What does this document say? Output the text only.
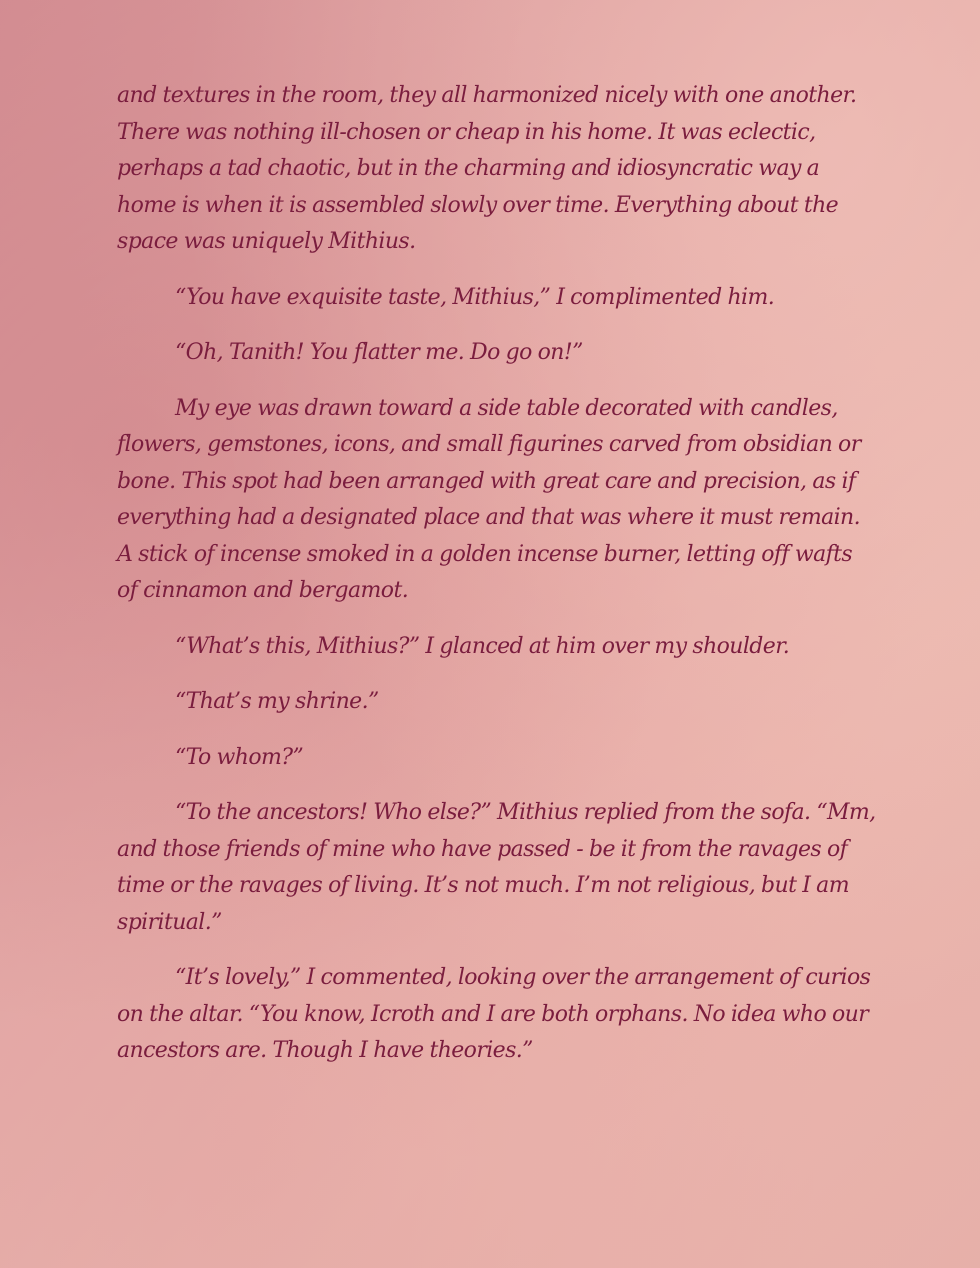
and textures in the room, they all harmonized nicely with one another. There was nothing ill-chosen or cheap in his home. It was eclectic, perhaps a tad chaotic, but in the charming and idiosyncratic way a home is when it is assembled slowly over time. Everything about the space was uniquely Mithius.

“You have exquisite taste, Mithius,” I complimented him.

“Oh, Tanith! You flatter me. Do go on!”

My eye was drawn toward a side table decorated with candles, flowers, gemstones, icons, and small figurines carved from obsidian or bone. This spot had been arranged with great care and precision, as if everything had a designated place and that was where it must remain. A stick of incense smoked in a golden incense burner, letting off wafts of cinnamon and bergamot.

“What’s this, Mithius?” I glanced at him over my shoulder.

“That’s my shrine.”

“To whom?”

“To the ancestors! Who else?” Mithius replied from the sofa. “Mm, and those friends of mine who have passed - be it from the ravages of time or the ravages of living. It’s not much. I’m not religious, but I am spiritual.”

“It’s lovely,” I commented, looking over the arrangement of curios on the altar. “You know, Icroth and I are both orphans. No idea who our ancestors are. Though I have theories.”
